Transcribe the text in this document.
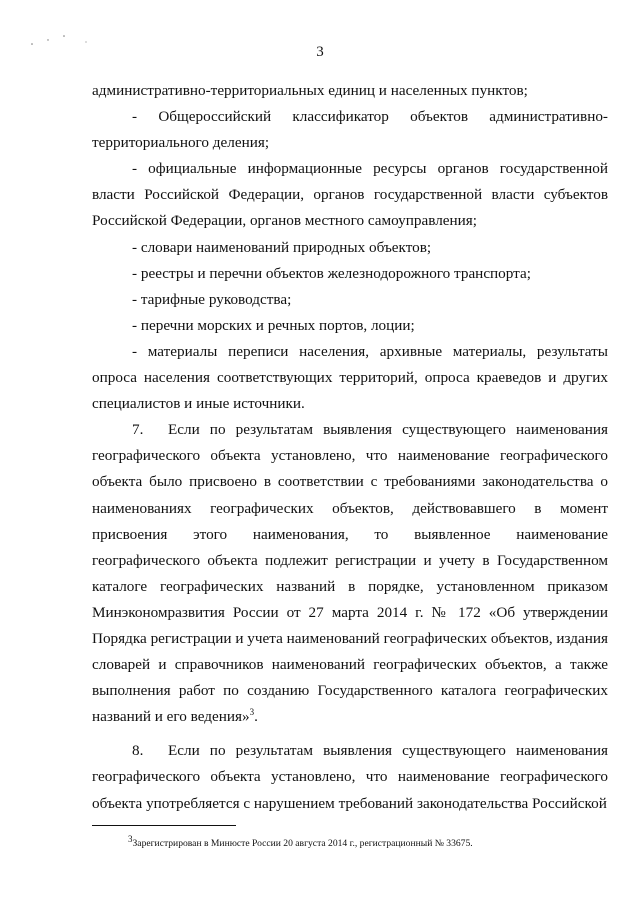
3

административно-территориальных единиц и населенных пунктов;

- Общероссийский классификатор объектов административно-территориального деления;

- официальные информационные ресурсы органов государственной власти Российской Федерации, органов государственной власти субъектов Российской Федерации, органов местного самоуправления;

- словари наименований природных объектов;

- реестры и перечни объектов железнодорожного транспорта;

- тарифные руководства;

- перечни морских и речных портов, лоции;

- материалы переписи населения, архивные материалы, результаты опроса населения соответствующих территорий, опроса краеведов и других специалистов и иные источники.

7. Если по результатам выявления существующего наименования географического объекта установлено, что наименование географического объекта было присвоено в соответствии с требованиями законодательства о наименованиях географических объектов, действовавшего в момент присвоения этого наименования, то выявленное наименование географического объекта подлежит регистрации и учету в Государственном каталоге географических названий в порядке, установленном приказом Минэкономразвития России от 27 марта 2014 г. № 172 «Об утверждении Порядка регистрации и учета наименований географических объектов, издания словарей и справочников наименований географических объектов, а также выполнения работ по созданию Государственного каталога географических названий и его ведения»$^3$.

8. Если по результатам выявления существующего наименования географического объекта установлено, что наименование географического объекта употребляется с нарушением требований законодательства Российской

$^3$Зарегистрирован в Минюсте России 20 августа 2014 г., регистрационный № 33675.
